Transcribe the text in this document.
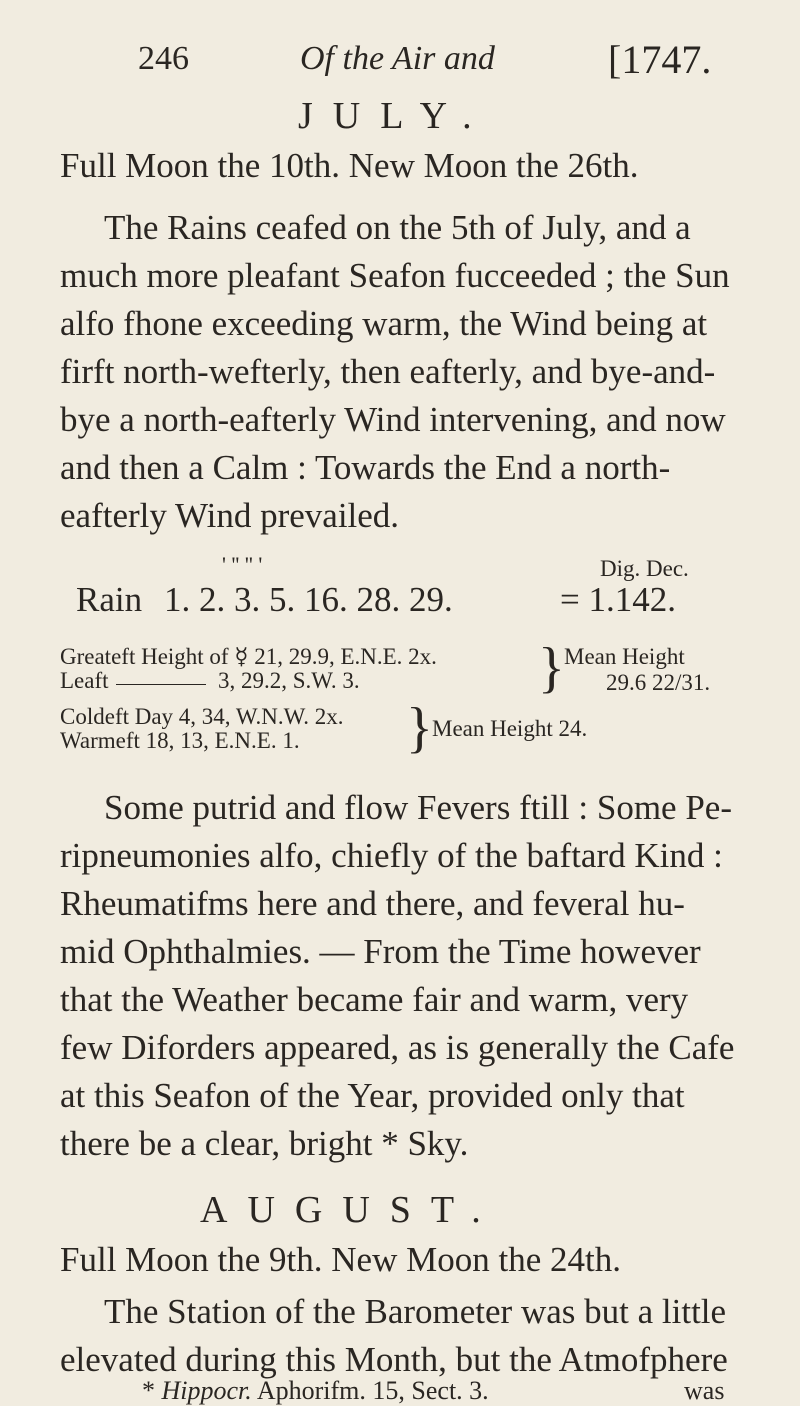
246	Of the Air and	[1747.
JULY.
Full Moon the 10th. New Moon the 26th.
The Rains ceafed on the 5th of July, and a
much more pleafant Seafon fucceeded ; the Sun
alfo fhone exceeding warm, the Wind being at
firft north-wefterly, then eafterly, and bye-and-
bye a north-eafterly Wind intervening, and now
and then a Calm : Towards the End a north-
eafterly Wind prevailed.
' '' '' '	Dig. Dec.
Rain 1. 2. 3. 5. 16. 28. 29.	= 1.142.
Greateft Height of ☿ 21, 29.9, E.N.E. 2x.
Leaft	3, 29.2, S.W. 3.	} Mean Height
29.6 22/31.
Coldeft Day 4, 34, W.N.W. 2x.
Warmeft 18, 13, E.N.E. 1. } Mean Height 24.
Some putrid and flow Fevers ftill : Some Pe-
ripneumonies alfo, chiefly of the baftard Kind :
Rheumatifms here and there, and feveral hu-
mid Ophthalmies. — From the Time however
that the Weather became fair and warm, very
few Diforders appeared, as is generally the Cafe
at this Seafon of the Year, provided only that
there be a clear, bright * Sky.
AUGUST.
Full Moon the 9th. New Moon the 24th.
The Station of the Barometer was but a little
elevated during this Month, but the Atmofphere
* Hippocr. Aphorifm. 15, Sect. 3.	was
